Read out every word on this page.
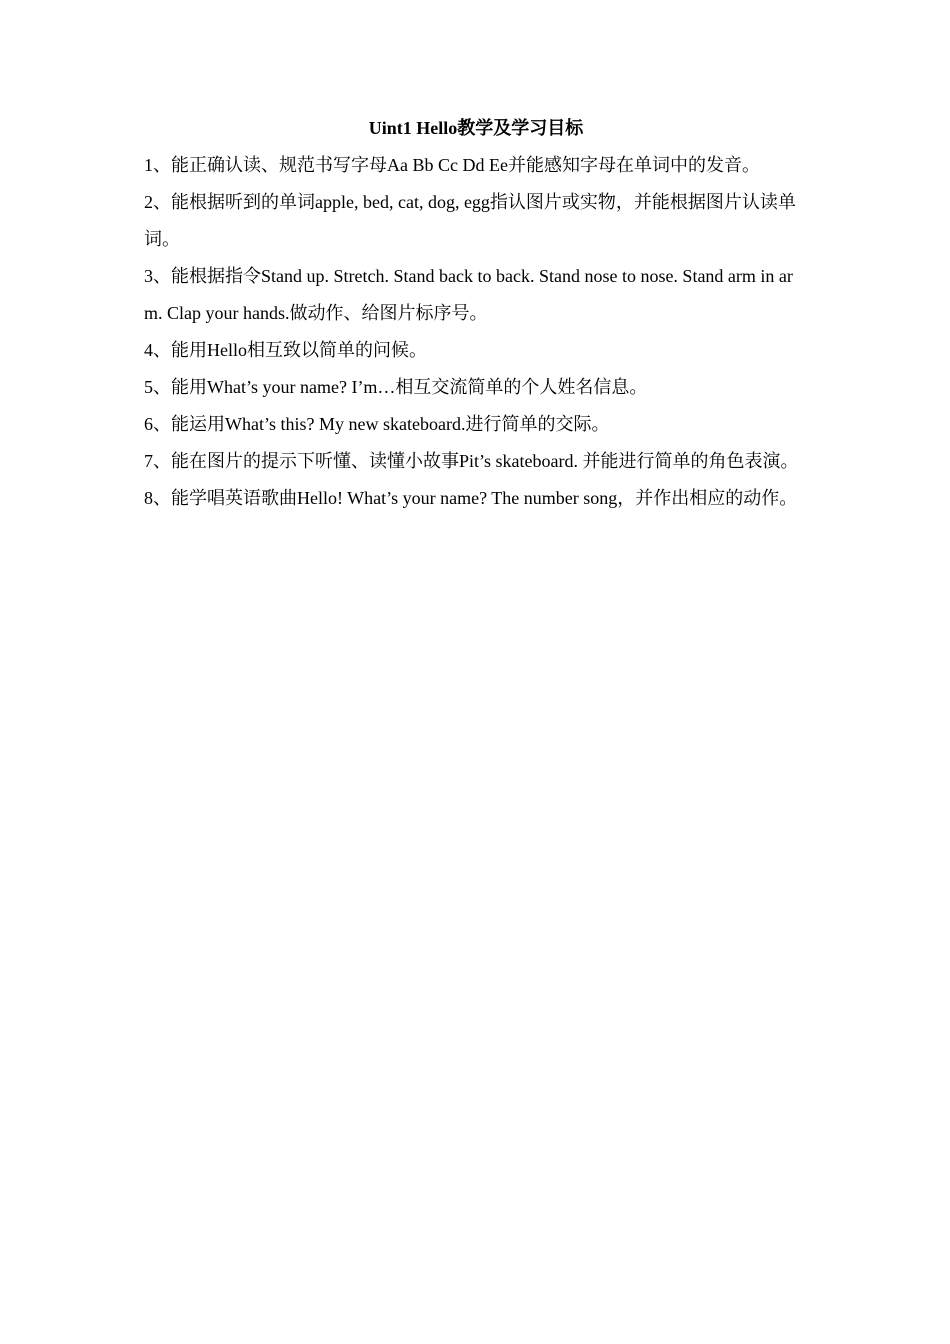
Uint1 Hello教学及学习目标
1、能正确认读、规范书写字母Aa Bb Cc Dd Ee并能感知字母在单词中的发音。
2、能根据听到的单词apple, bed, cat, dog, egg指认图片或实物，并能根据图片认读单词。
3、能根据指令Stand up. Stretch. Stand back to back. Stand nose to nose. Stand arm in arm. Clap your hands.做动作、给图片标序号。
4、能用Hello相互致以简单的问候。
5、能用What’s your name? I’m…相互交流简单的个人姓名信息。
6、能运用What’s this? My new skateboard.进行简单的交际。
7、能在图片的提示下听懂、读懂小故事Pit’s skateboard. 并能进行简单的角色表演。
8、能学唱英语歌曲Hello! What’s your name? The number song，并作出相应的动作。
